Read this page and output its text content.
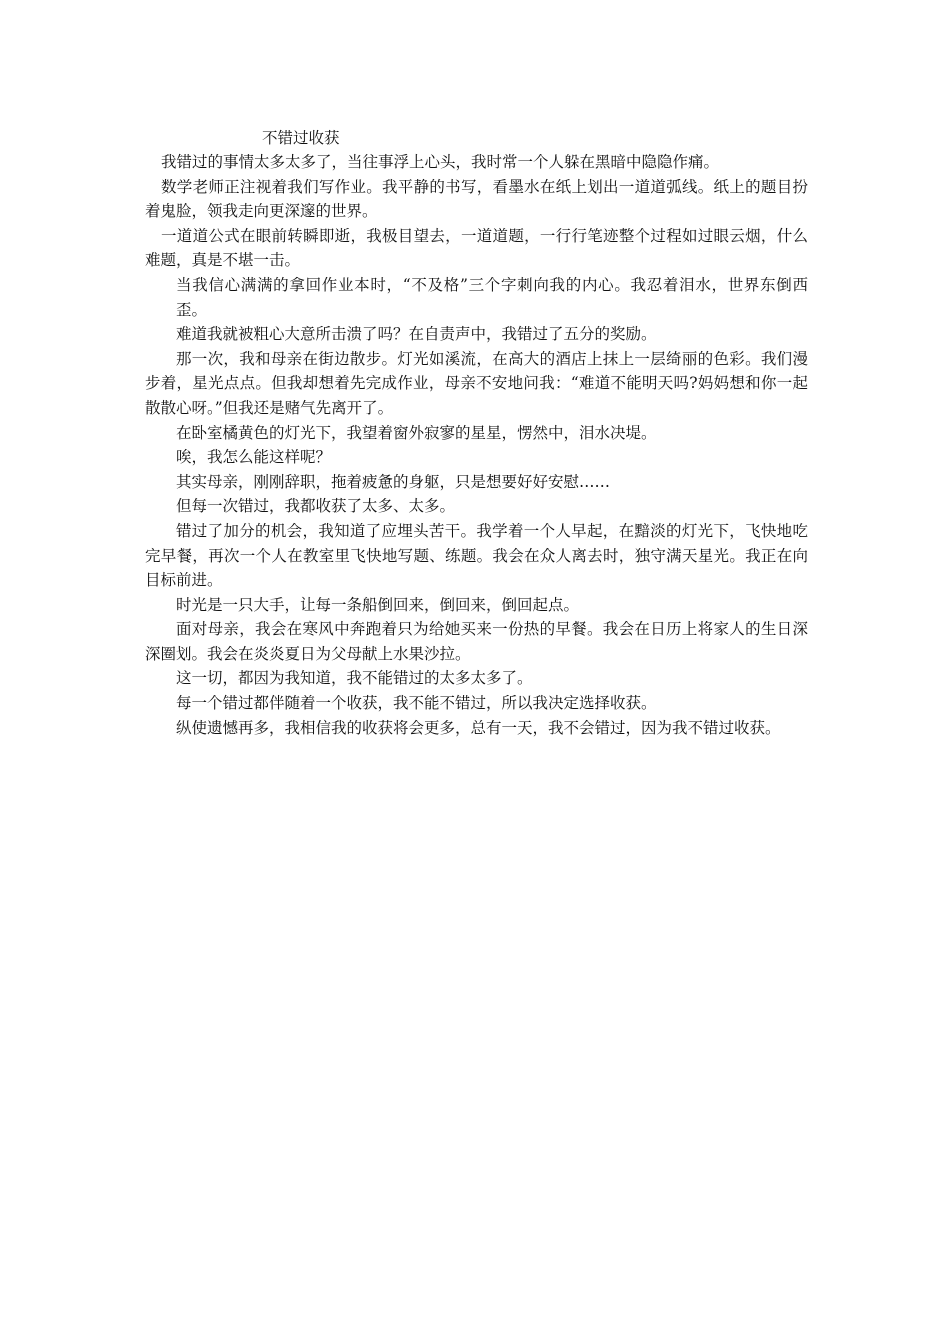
不错过收获

我错过的事情太多太多了，当往事浮上心头，我时常一个人躲在黑暗中隐隐作痛。

数学老师正注视着我们写作业。我平静的书写，看墨水在纸上划出一道道弧线。纸上的题目扮着鬼脸，领我走向更深邃的世界。

一道道公式在眼前转瞬即逝，我极目望去，一道道题，一行行笔迹整个过程如过眼云烟，什么难题，真是不堪一击。

当我信心满满的拿回作业本时，“不及格”三个字刺向我的内心。我忍着泪水，世界东倒西歪。

难道我就被粗心大意所击溃了吗？在自责声中，我错过了五分的奖励。

那一次，我和母亲在街边散步。灯光如溪流，在高大的酒店上抹上一层绮丽的色彩。我们漫步着，星光点点。但我却想着先完成作业，母亲不安地问我：“难道不能明天吗?妈妈想和你一起散散心呀。”但我还是赌气先离开了。

在卧室橘黄色的灯光下，我望着窗外寂寥的星星，愣然中，泪水决堤。

唉，我怎么能这样呢？

其实母亲，刚刚辞职，拖着疲惫的身躯，只是想要好好安慰……

但每一次错过，我都收获了太多、太多。

错过了加分的机会，我知道了应埋头苦干。我学着一个人早起，在黯淡的灯光下，飞快地吃完早餐，再次一个人在教室里飞快地写题、练题。我会在众人离去时，独守满天星光。我正在向目标前进。

时光是一只大手，让每一条船倒回来，倒回来，倒回起点。

面对母亲，我会在寒风中奔跑着只为给她买来一份热的早餐。我会在日历上将家人的生日深深圈划。我会在炎炎夏日为父母献上水果沙拉。

这一切，都因为我知道，我不能错过的太多太多了。

每一个错过都伴随着一个收获，我不能不错过，所以我决定选择收获。

纵使遗憾再多，我相信我的收获将会更多，总有一天，我不会错过，因为我不错过收获。
